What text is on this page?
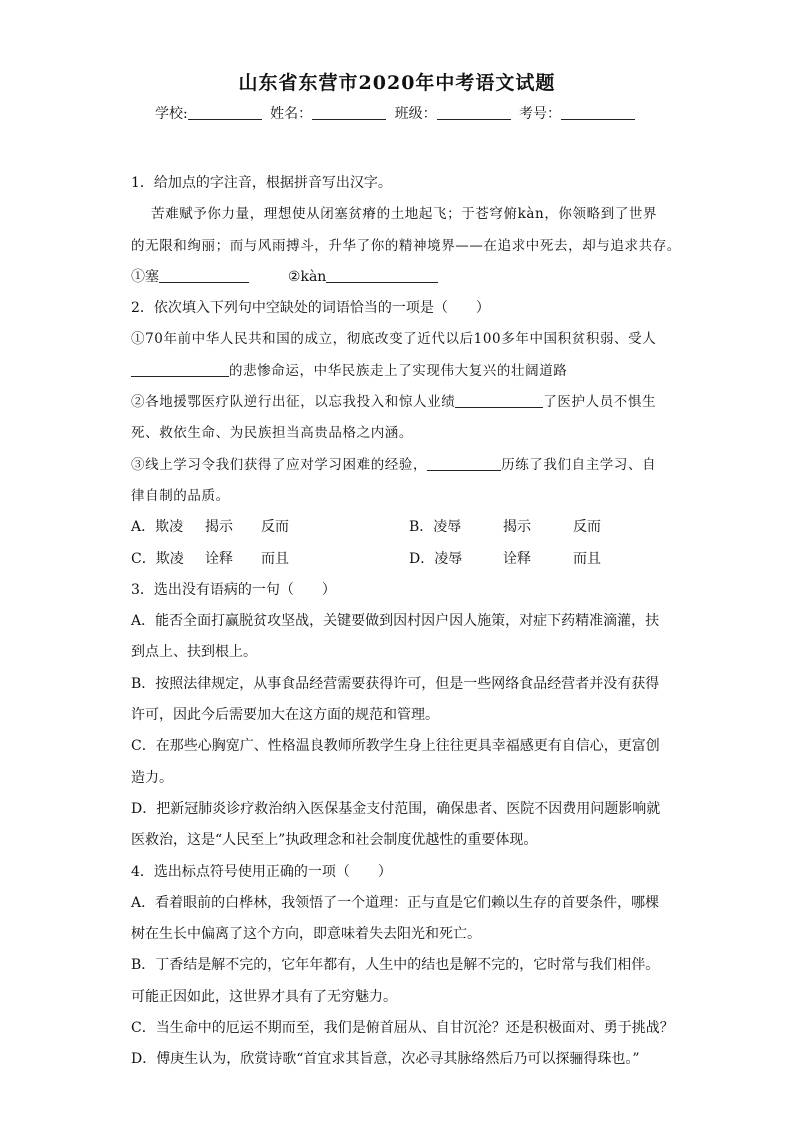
山东省东营市2020年中考语文试题
学校:	姓名：	班级：	考号：
1．给加点的字注音，根据拼音写出汉字。
苦难赋予你力量，理想使从闭塞贫瘠的土地起飞；于苍穹俯kàn，你领略到了世界
的无限和绚丽；而与风雨搏斗，升华了你的精神境界——在追求中死去，却与追求共存。
①塞	②kàn
2．依次填入下列句中空缺处的词语恰当的一项是（　　）
①70年前中华人民共和国的成立，彻底改变了近代以后100多年中国积贫积弱、受人
的悲惨命运，中华民族走上了实现伟大复兴的壮阔道路
②各地援鄂医疗队逆行出征，以忘我投入和惊人业绩	了医护人员不惧生
死、救依生命、为民族担当高贵品格之内涵。
③线上学习令我们获得了应对学习困难的经验，	历练了我们自主学习、自
律自制的品质。
A．欺凌 揭示 反而	B．凌辱	揭示	反而
C．欺凌 诠释 而且	D．凌辱	诠释	而且
3．选出没有语病的一句（　　）
A．能否全面打赢脱贫攻坚战，关键要做到因村因户因人施策，对症下药精准滴灌，扶
到点上、扶到根上。
B．按照法律规定，从事食品经营需要获得许可，但是一些网络食品经营者并没有获得
许可，因此今后需要加大在这方面的规范和管理。
C．在那些心胸宽广、性格温良教师所教学生身上往往更具幸福感更有自信心，更富创
造力。
D．把新冠肺炎诊疗救治纳入医保基金支付范围，确保患者、医院不因费用问题影响就
医救治，这是“人民至上”执政理念和社会制度优越性的重要体现。
4．选出标点符号使用正确的一项（　　）
A．看着眼前的白桦林，我领悟了一个道理：正与直是它们赖以生存的首要条件，哪棵
树在生长中偏离了这个方向，即意味着失去阳光和死亡。
B．丁香结是解不完的，它年年都有，人生中的结也是解不完的，它时常与我们相伴。
可能正因如此，这世界才具有了无穷魅力。
C．当生命中的厄运不期而至，我们是俯首屈从、自甘沉沦？还是积极面对、勇于挑战？
D．傅庚生认为，欣赏诗歌“首宜求其旨意，次必寻其脉络然后乃可以探骊得珠也。”
